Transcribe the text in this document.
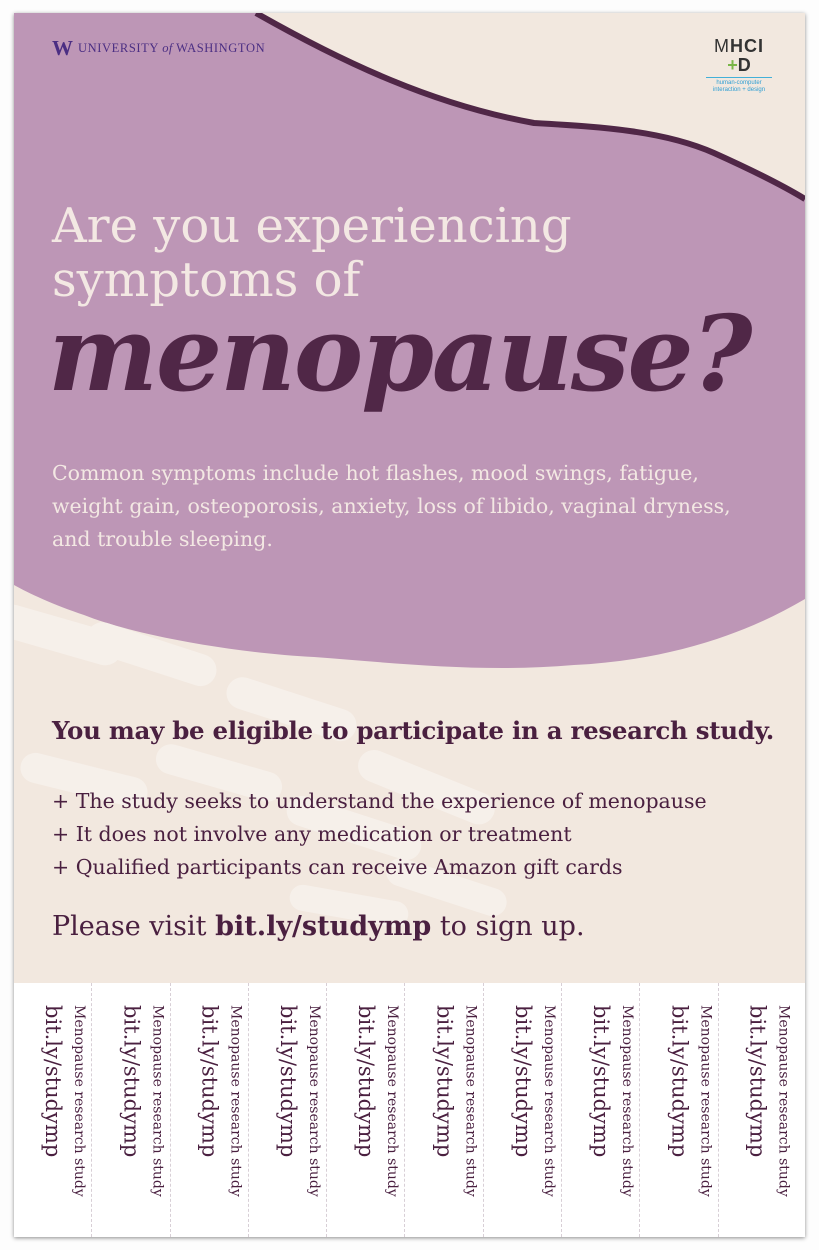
W UNIVERSITY of WASHINGTON	MHCI
+D
human-computer
interaction + design
Are you experiencing
symptoms of
menopause?
Common symptoms include hot flashes, mood swings, fatigue, weight gain, osteoporosis, anxiety, loss of libido, vaginal dryness, and trouble sleeping.
You may be eligible to participate in a research study.
+ The study seeks to understand the experience of menopause
+ It does not involve any medication or treatment
+ Qualified participants can receive Amazon gift cards
Please visit bit.ly/studymp to sign up.
bit.ly/studymp Menopause research study bit.ly/studymp Menopause research study bit.ly/studymp Menopause research study bit.ly/studymp Menopause research study bit.ly/studymp Menopause research study bit.ly/studymp Menopause research study bit.ly/studymp Menopause research study bit.ly/studymp Menopause research study bit.ly/studymp Menopause research study bit.ly/studymp Menopause research study
